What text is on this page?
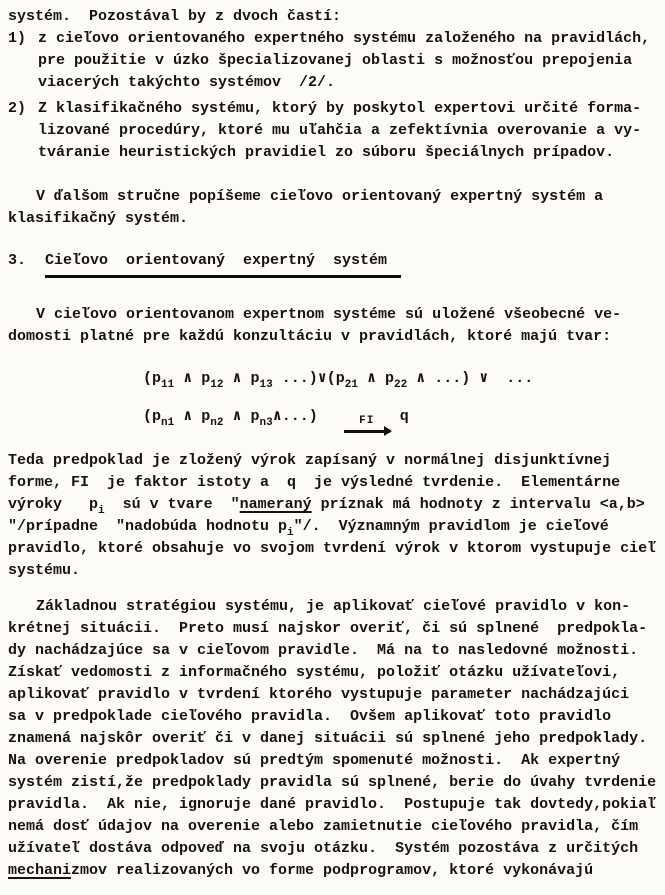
systém.  Pozostával by z dvoch častí:

1) z cieľovo orientovaného expertného systému založeného na pravidlách,

pre použitie v úzko špecializovanej oblasti s možnosťou prepojenia

viacerých takýchto systémov  /2/.

2) Z klasifikačného systému, ktorý by poskytol expertovi určité forma-

lizované procedúry, ktoré mu uľahčia a zefektívnia overovanie a vy-

tváranie heuristických pravidiel zo súboru špeciálnych prípadov.

V ďalšom stručne popíšeme cieľovo orientovaný expertný systém a

klasifikačný systém.

3.	Cieľovo  orientovaný  expertný  systém

V cieľovo orientovanom expertnom systéme sú uložené všeobecné ve-

domosti platné pre každú konzultáciu v pravidlách, ktoré majú tvar:

($p_{11}$ ∧ $p_{12}$ ∧ $p_{13}$ $...)\vee(p_{21}$ ∧ $p_{22}$ ∧ ...) ∨  ...

($p_{n1}$ ∧ $p_{n2}$ ∧ $p_{n3}\wedge$...)	FI q

Teda predpoklad je zložený výrok zapísaný v normálnej disjunktívnej

forme, FI  je faktor istoty a  q  je výsledné tvrdenie.  Elementárne

výroky   $p_i$  sú v tvare  "nameraný príznak má hodnoty z intervalu <a,b>

"/prípadne  "nadobúda hodnotu $p_i"/$.  Významným pravidlom je cieľové

pravidlo, ktoré obsahuje vo svojom tvrdení výrok v ktorom vystupuje cieľ

systému.

Základnou stratégiou systému, je aplikovať cieľové pravidlo v kon-

krétnej situácii.  Preto musí najskor overiť, či sú splnené  predpokla-

dy nachádzajúce sa v cieľovom pravidle.  Má na to nasledovné možnosti.

Získať vedomosti z informačného systému, položiť otázku užívateľovi,

aplikovať pravidlo v tvrdení ktorého vystupuje parameter nachádzajúci

sa v predpoklade cieľového pravidla.  Ovšem aplikovať toto pravidlo

znamená najskôr overiť či v danej situácii sú splnené jeho predpoklady.

Na overenie predpokladov sú predtým spomenuté možnosti.  Ak expertný

systém zistí,že predpoklady pravidla sú splnené, berie do úvahy tvrdenie

pravidla.  Ak nie, ignoruje dané pravidlo.  Postupuje tak dovtedy,pokiaľ

nemá dosť údajov na overenie alebo zamietnutie cieľového pravidla, čím

užívateľ dostáva odpoveď na svoju otázku.  Systém pozostáva z určitých

mechanizmov realizovaných vo forme podprogramov, ktoré vykonávajú
